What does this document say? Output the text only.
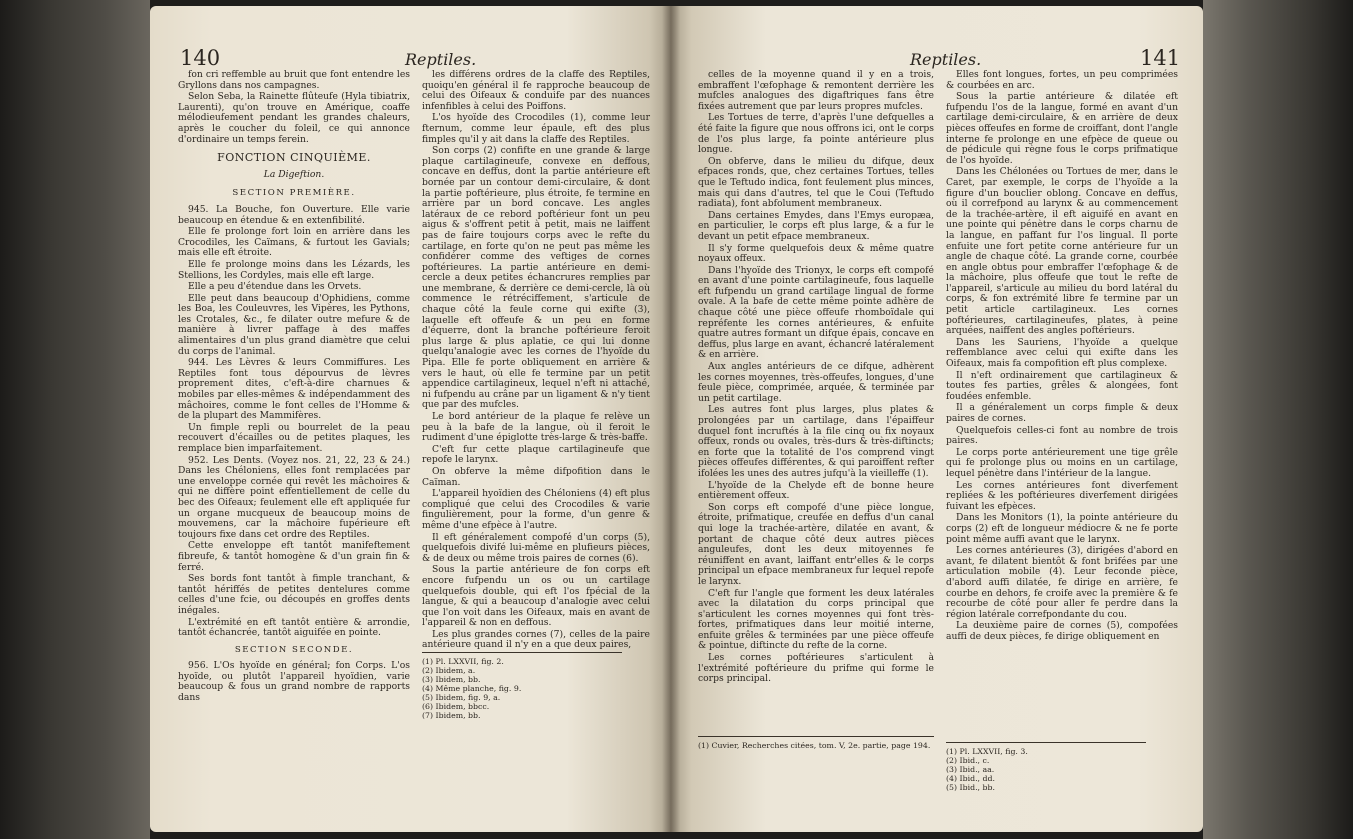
140	Reptiles.

fon cri reffemble au bruit que font entendre les Gryllons dans nos campagnes.

Selon Seba, la Rainette flûteufe (Hyla tibiatrix, Laurenti), qu'on trouve en Amérique, coaffe mélodieufement pendant les grandes chaleurs, après le coucher du foleil, ce qui annonce d'ordinaire un temps ferein.

FONCTION CINQUIÈME.

La Digeftion.

SECTION PREMIÈRE.

945. La Bouche, fon Ouverture. Elle varie beaucoup en étendue & en extenfibilité.

Elle fe prolonge fort loin en arrière dans les Crocodiles, les Caïmans, & furtout les Gavials; mais elle eft étroite.

Elle fe prolonge moins dans les Lézards, les Stellions, les Cordyles, mais elle eft large.

Elle a peu d'étendue dans les Orvets.

Elle peut dans beaucoup d'Ophidiens, comme les Boa, les Couleuvres, les Vipères, les Pythons, les Crotales, &c., fe dilater outre mefure & de manière à livrer paffage à des maffes alimentaires d'un plus grand diamètre que celui du corps de l'animal.

944. Les Lèvres & leurs Commiffures. Les Reptiles font tous dépourvus de lèvres proprement dites, c'eft-à-dire charnues & mobiles par elles-mêmes & indépendamment des mâchoires, comme le font celles de l'Homme & de la plupart des Mammifères.

Un fimple repli ou bourrelet de la peau recouvert d'écailles ou de petites plaques, les remplace bien imparfaitement.

952. Les Dents. (Voyez nos. 21, 22, 23 & 24.) Dans les Chéloniens, elles font remplacées par une enveloppe cornée qui revêt les mâchoires & qui ne diffère point effentiellement de celle du bec des Oifeaux; feulement elle eft appliquée fur un organe mucqueux de beaucoup moins de mouvemens, car la mâchoire fupérieure eft toujours fixe dans cet ordre des Reptiles.

Cette enveloppe eft tantôt manifeftement fibreufe, & tantôt homogène & d'un grain fin & ferré.

Ses bords font tantôt à fimple tranchant, & tantôt hériffés de petites dentelures comme celles d'une fcie, ou découpés en groffes dents inégales.

L'extrémité en eft tantôt entière & arrondie, tantôt échancrée, tantôt aiguifée en pointe.

SECTION SECONDE.

956. L'Os hyoïde en général; fon Corps. L'os hyoïde, ou plutôt l'appareil hyoïdien, varie beaucoup & fous un grand nombre de rapports dans

les différens ordres de la claffe des Reptiles, quoiqu'en général il fe rapproche beaucoup de celui des Oifeaux & conduife par des nuances infenfibles à celui des Poiffons.

L'os hyoïde des Crocodiles (1), comme leur fternum, comme leur épaule, eft des plus fimples qu'il y ait dans la claffe des Reptiles.

Son corps (2) confifte en une grande & large plaque cartilagineufe, convexe en deffous, concave en deffus, dont la partie antérieure eft bornée par un contour demi-circulaire, & dont la partie poftérieure, plus étroite, fe termine en arrière par un bord concave. Les angles latéraux de ce rebord poftérieur font un peu aigus & s'offrent petit à petit, mais ne laiffent pas de faire toujours corps avec le refte du cartilage, en forte qu'on ne peut pas même les confidérer comme des veftiges de cornes poftérieures. La partie antérieure en demi-cercle a deux petites échancrures remplies par une membrane, & derrière ce demi-cercle, là où commence le rétréciffement, s'articule de chaque côté la feule corne qui exifte (3), laquelle eft offeufe & un peu en forme d'équerre, dont la branche poftérieure feroit plus large & plus aplatie, ce qui lui donne quelqu'analogie avec les cornes de l'hyoïde du Pipa. Elle fe porte obliquement en arrière & vers le haut, où elle fe termine par un petit appendice cartilagineux, lequel n'eft ni attaché, ni fufpendu au crâne par un ligament & n'y tient que par des mufcles.

Le bord antérieur de la plaque fe relève un peu à la bafe de la langue, où il feroit le rudiment d'une épiglotte très-large & très-baffe.

C'eft fur cette plaque cartilagineufe que repofe le larynx.

On obferve la même difpofition dans le Caïman.

L'appareil hyoïdien des Chéloniens (4) eft plus compliqué que celui des Crocodiles & varie fingulièrement, pour la forme, d'un genre & même d'une efpèce à l'autre.

Il eft généralement compofé d'un corps (5), quelquefois divifé lui-même en plufieurs pièces, & de deux ou même trois paires de cornes (6).

Sous la partie antérieure de fon corps eft encore fufpendu un os ou un cartilage quelquefois double, qui eft l'os fpécial de la langue, & qui a beaucoup d'analogie avec celui que l'on voit dans les Oifeaux, mais en avant de l'appareil & non en deffous.

Les plus grandes cornes (7), celles de la paire antérieure quand il n'y en a que deux paires,

(1) Pl. LXXVII, fig. 2.
(2) Ibidem, a.
(3) Ibidem, bb.
(4) Même planche, fig. 9.
(5) Ibidem, fig. 9, a.
(6) Ibidem, bbcc.
(7) Ibidem, bb.
Reptiles.	141

celles de la moyenne quand il y en a trois, embraffent l'œfophage & remontent derrière les mufcles analogues des digaftriques fans être fixées autrement que par leurs propres mufcles.

Les Tortues de terre, d'après l'une defquelles a été faite la figure que nous offrons ici, ont le corps de l'os plus large, fa pointe antérieure plus longue.

On obferve, dans le milieu du difque, deux efpaces ronds, que, chez certaines Tortues, telles que le Teftudo indica, font feulement plus minces, mais qui dans d'autres, tel que le Coui (Teftudo radiata), font abfolument membraneux.

Dans certaines Emydes, dans l'Emys europæa, en particulier, le corps eft plus large, & a fur le devant un petit efpace membraneux.

Il s'y forme quelquefois deux & même quatre noyaux offeux.

Dans l'hyoïde des Trionyx, le corps eft compofé en avant d'une pointe cartilagineufe, fous laquelle eft fufpendu un grand cartilage lingual de forme ovale. A la bafe de cette même pointe adhère de chaque côté une pièce offeufe rhomboïdale qui repréfente les cornes antérieures, & enfuite quatre autres formant un difque épais, concave en deffus, plus large en avant, échancré latéralement & en arrière.

Aux angles antérieurs de ce difque, adhèrent les cornes moyennes, très-offeufes, longues, d'une feule pièce, comprimée, arquée, & terminée par un petit cartilage.

Les autres font plus larges, plus plates & prolongées par un cartilage, dans l'épaiffeur duquel font incruftés à la file cinq ou fix noyaux offeux, ronds ou ovales, très-durs & très-diftincts; en forte que la totalité de l'os comprend vingt pièces offeufes différentes, & qui paroiffent refter ifolées les unes des autres jufqu'à la vieilleffe (1).

L'hyoïde de la Chelyde eft de bonne heure entièrement offeux.

Son corps eft compofé d'une pièce longue, étroite, prifmatique, creufée en deffus d'un canal qui loge la trachée-artère, dilatée en avant, & portant de chaque côté deux autres pièces anguleufes, dont les deux mitoyennes fe réuniffent en avant, laiffant entr'elles & le corps principal un efpace membraneux fur lequel repofe le larynx.

C'eft fur l'angle que forment les deux latérales avec la dilatation du corps principal que s'articulent les cornes moyennes qui font très-fortes, prifmatiques dans leur moitié interne, enfuite grêles & terminées par une pièce offeufe & pointue, diftincte du refte de la corne.

Les cornes poftérieures s'articulent à l'extrémité poftérieure du prifme qui forme le corps principal.

(1) Cuvier, Recherches citées, tom. V, 2e. partie, page 194.

Elles font longues, fortes, un peu comprimées & courbées en arc.

Sous la partie antérieure & dilatée eft fufpendu l'os de la langue, formé en avant d'un cartilage demi-circulaire, & en arrière de deux pièces offeufes en forme de croiffant, dont l'angle interne fe prolonge en une efpèce de queue ou de pédicule qui règne fous le corps prifmatique de l'os hyoïde.

Dans les Chélonées ou Tortues de mer, dans le Caret, par exemple, le corps de l'hyoïde a la figure d'un bouclier oblong. Concave en deffus, où il correfpond au larynx & au commencement de la trachée-artère, il eft aiguifé en avant en une pointe qui pénètre dans le corps charnu de la langue, en paffant fur l'os lingual. Il porte enfuite une fort petite corne antérieure fur un angle de chaque côté. La grande corne, courbée en angle obtus pour embraffer l'œfophage & de la mâchoire, plus offeufe que tout le refte de l'appareil, s'articule au milieu du bord latéral du corps, & fon extrémité libre fe termine par un petit article cartilagineux. Les cornes poftérieures, cartilagineufes, plates, à peine arquées, naiffent des angles poftérieurs.

Dans les Sauriens, l'hyoïde a quelque reffemblance avec celui qui exifte dans les Oifeaux, mais fa compofition eft plus complexe.

Il n'eft ordinairement que cartilagineux & toutes fes parties, grêles & alongées, font foudées enfemble.

Il a généralement un corps fimple & deux paires de cornes.

Quelquefois celles-ci font au nombre de trois paires.

Le corps porte antérieurement une tige grêle qui fe prolonge plus ou moins en un cartilage, lequel pénètre dans l'intérieur de la langue.

Les cornes antérieures font diverfement repliées & les poftérieures diverfement dirigées fuivant les efpèces.

Dans les Monitors (1), la pointe antérieure du corps (2) eft de longueur médiocre & ne fe porte point même auffi avant que le larynx.

Les cornes antérieures (3), dirigées d'abord en avant, fe dilatent bientôt & font brifées par une articulation mobile (4). Leur feconde pièce, d'abord auffi dilatée, fe dirige en arrière, fe courbe en dehors, fe croife avec la première & fe recourbe de côté pour aller fe perdre dans la région latérale correfpondante du cou.

La deuxième paire de cornes (5), compofées auffi de deux pièces, fe dirige obliquement en

(1) Pl. LXXVII, fig. 3.
(2) Ibid., c.
(3) Ibid., aa.
(4) Ibid., dd.
(5) Ibid., bb.
